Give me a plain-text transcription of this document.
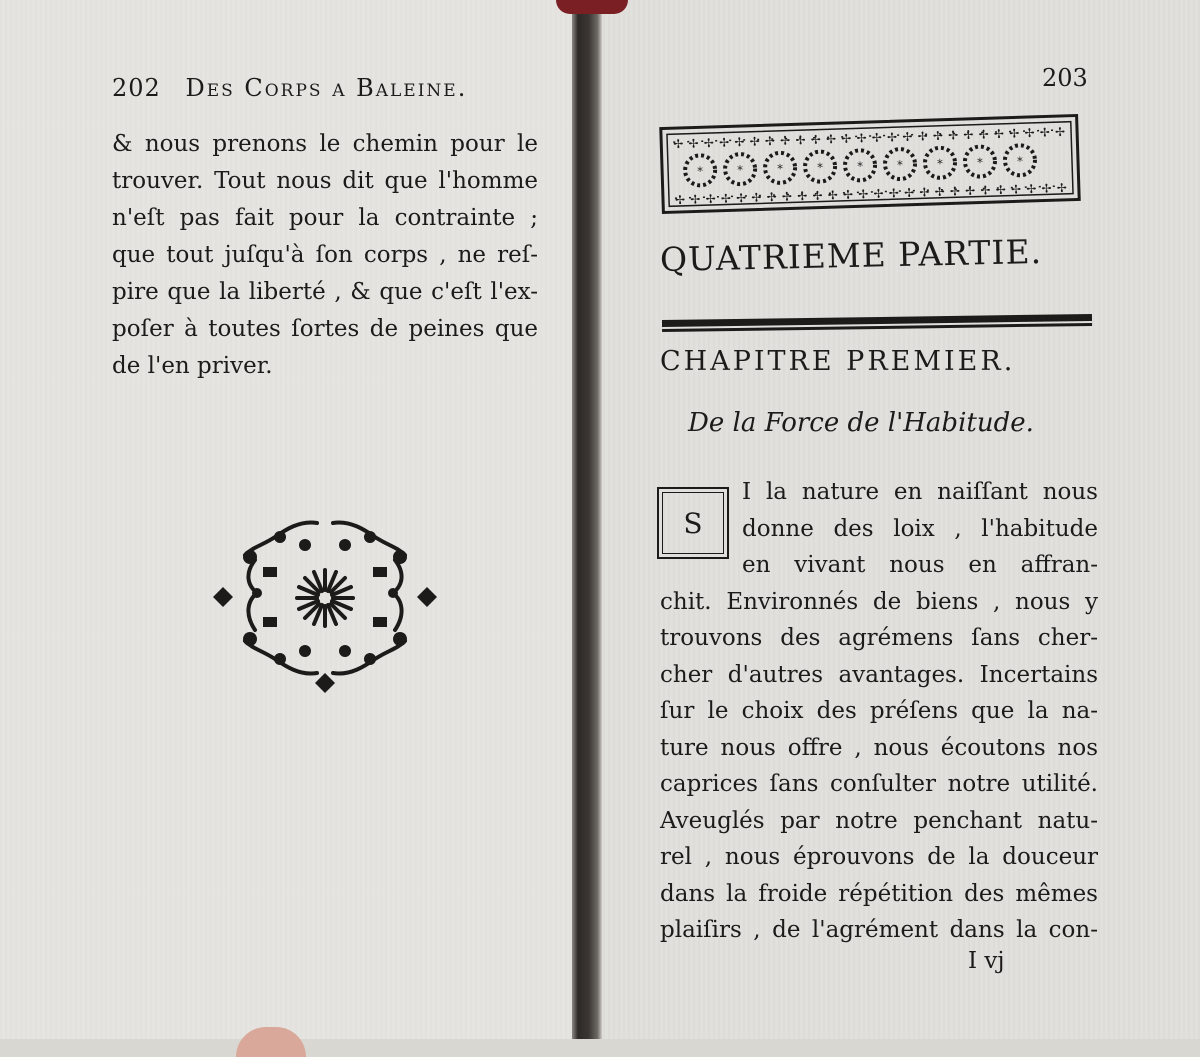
202 Des Corps a Baleine.
& nous prenons le chemin pour le
trouver. Tout nous dit que l'homme
n'eſt pas fait pour la contrainte ;
que tout juſqu'à ſon corps , ne reſ-
pire que la liberté , & que c'eſt l'ex-
poſer à toutes ſortes de peines que
de l'en priver.
203
✢✢✢✢✢✢✢✢✢✢✢✢✢✢✢✢✢✢✢✢✢✢✢✢✢✢
✢✢✢✢✢✢✢✢✢✢✢✢✢✢✢✢✢✢✢✢✢✢✢✢✢✢
*	*	*	*	*	*	*	*	*
QUATRIEME PARTIE.
CHAPITRE PREMIER.
De la Force de l'Habitude.
S
I la nature en naiſſant nous
donne des loix , l'habitude
en vivant nous en affran-
chit. Environnés de biens , nous y
trouvons des agrémens ſans cher-
cher d'autres avantages. Incertains
ſur le choix des préſens que la na-
ture nous offre , nous écoutons nos
caprices ſans conſulter notre utilité.
Aveuglés par notre penchant natu-
rel , nous éprouvons de la douceur
dans la froide répétition des mêmes
plaiſirs , de l'agrément dans la con-
I vj
